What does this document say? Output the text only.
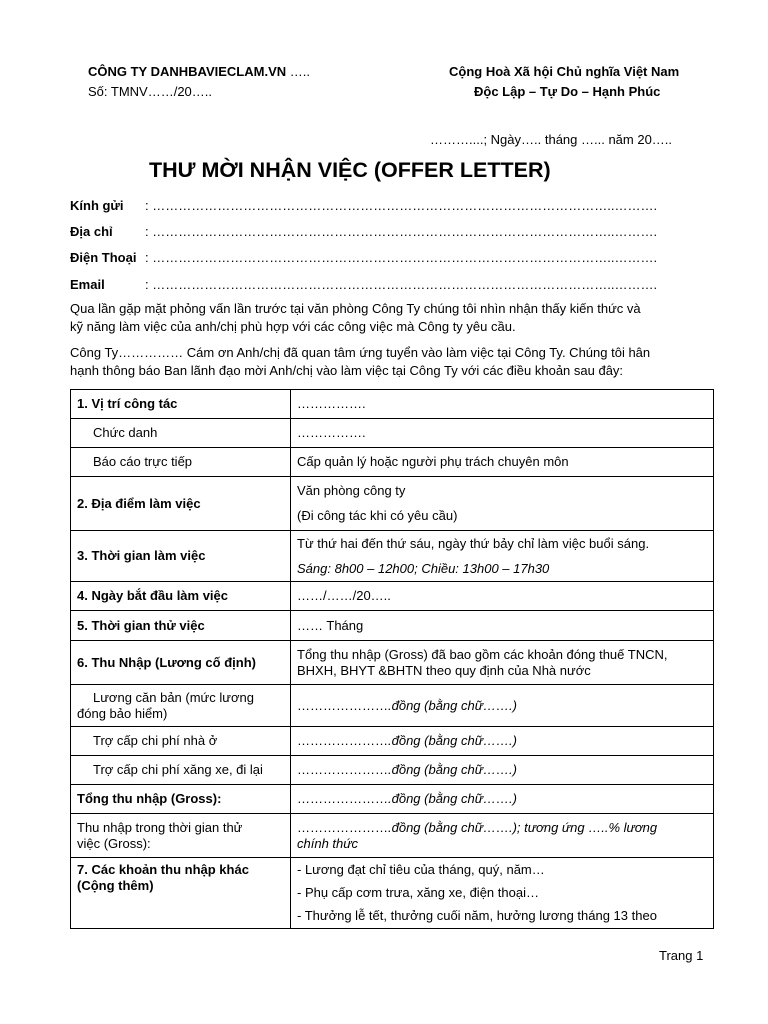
CÔNG TY DANHBAVIECLAM.VN …..
Số: TMNV……/20…..
Cộng Hoà Xã hội Chủ nghĩa Việt Nam
Độc Lập – Tự Do – Hạnh Phúc
………....; Ngày….. tháng …... năm 20…..
THƯ MỜI NHẬN VIỆC (OFFER LETTER)
Kính gửi : ……………………………………………………………………………………………..……….
Địa chỉ : ……………………………………………………………………………………………..……….
Điện Thoại : ……………………………………………………………………………………………..……….
Email	: ……………………………………………………………………………………………..……….
Qua lần gặp mặt phỏng vấn lần trước tại văn phòng Công Ty chúng tôi nhìn nhận thấy kiến thức và
kỹ năng làm việc của anh/chị phù hợp với các công việc mà Công ty yêu cầu.
Công Ty…………… Cám ơn Anh/chị đã quan tâm ứng tuyển vào làm việc tại Công Ty. Chúng tôi hân
hạnh thông báo Ban lãnh đạo mời Anh/chị vào làm việc tại Công Ty với các điều khoản sau đây:
1. Vị trí công tác	…………….
Chức danh	…………….
Báo cáo trực tiếp	Cấp quản lý hoặc người phụ trách chuyên môn
2. Địa điểm làm việc	Văn phòng công ty
(Đi công tác khi có yêu cầu)

3. Thời gian làm việc	Từ thứ hai đến thứ sáu, ngày thứ bảy chỉ làm việc buổi sáng.
Sáng: 8h00 – 12h00; Chiều: 13h00 – 17h30

4. Ngày bắt đầu làm việc	……/……/20…..
5. Thời gian thử việc	…… Tháng
6. Thu Nhập (Lương cố định)	Tổng thu nhập (Gross) đã bao gồm các khoản đóng thuế TNCN,
BHXH, BHYT &BHTN theo quy định của Nhà nước

Lương căn bản (mức lương
đóng bảo hiểm)	………………….đồng (bằng chữ…….)
Trợ cấp chi phí nhà ở	………………….đồng (bằng chữ…….)
Trợ cấp chi phí xăng xe, đi lại	………………….đồng (bằng chữ…….)
Tổng thu nhập (Gross):	………………….đồng (bằng chữ…….)

Thu nhập trong thời gian thử
việc (Gross):	………………….đồng (bằng chữ…….); tương ứng …..% lương
chính thức

7. Các khoản thu nhập khác
(Cộng thêm)	- Lương đạt chỉ tiêu của tháng, quý, năm…
- Phụ cấp cơm trưa, xăng xe, điện thoại…
- Thưởng lễ tết, thưởng cuối năm, hưởng lương tháng 13 theo
Trang 1
